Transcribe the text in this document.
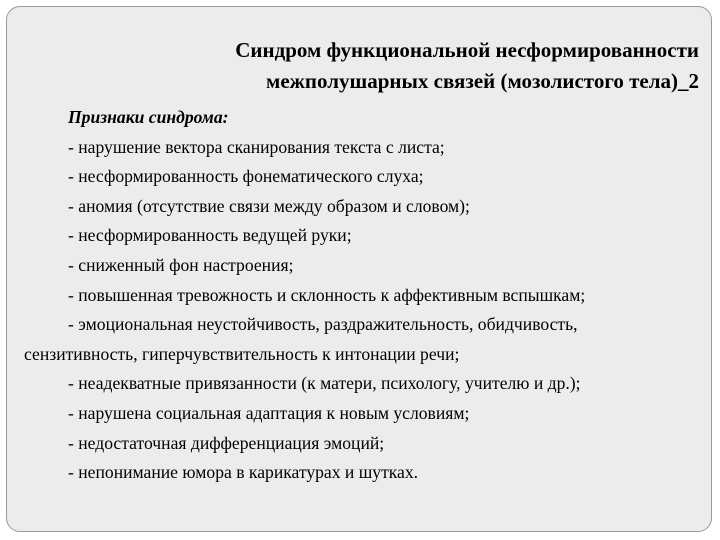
Синдром функциональной несформированности
межполушарных связей (мозолистого тела)_2
Признаки синдрома:
- нарушение вектора сканирования текста с листа;
- несформированность фонематического слуха;
- аномия (отсутствие связи между образом и словом);
- несформированность ведущей руки;
- сниженный фон настроения;
- повышенная тревожность и склонность к аффективным вспышкам;
- эмоциональная неустойчивость, раздражительность, обидчивость,
сензитивность, гиперчувствительность к интонации речи;
- неадекватные привязанности (к матери, психологу, учителю и др.);
- нарушена социальная адаптация к новым условиям;
- недостаточная дифференциация эмоций;
- непонимание юмора в карикатурах и шутках.
